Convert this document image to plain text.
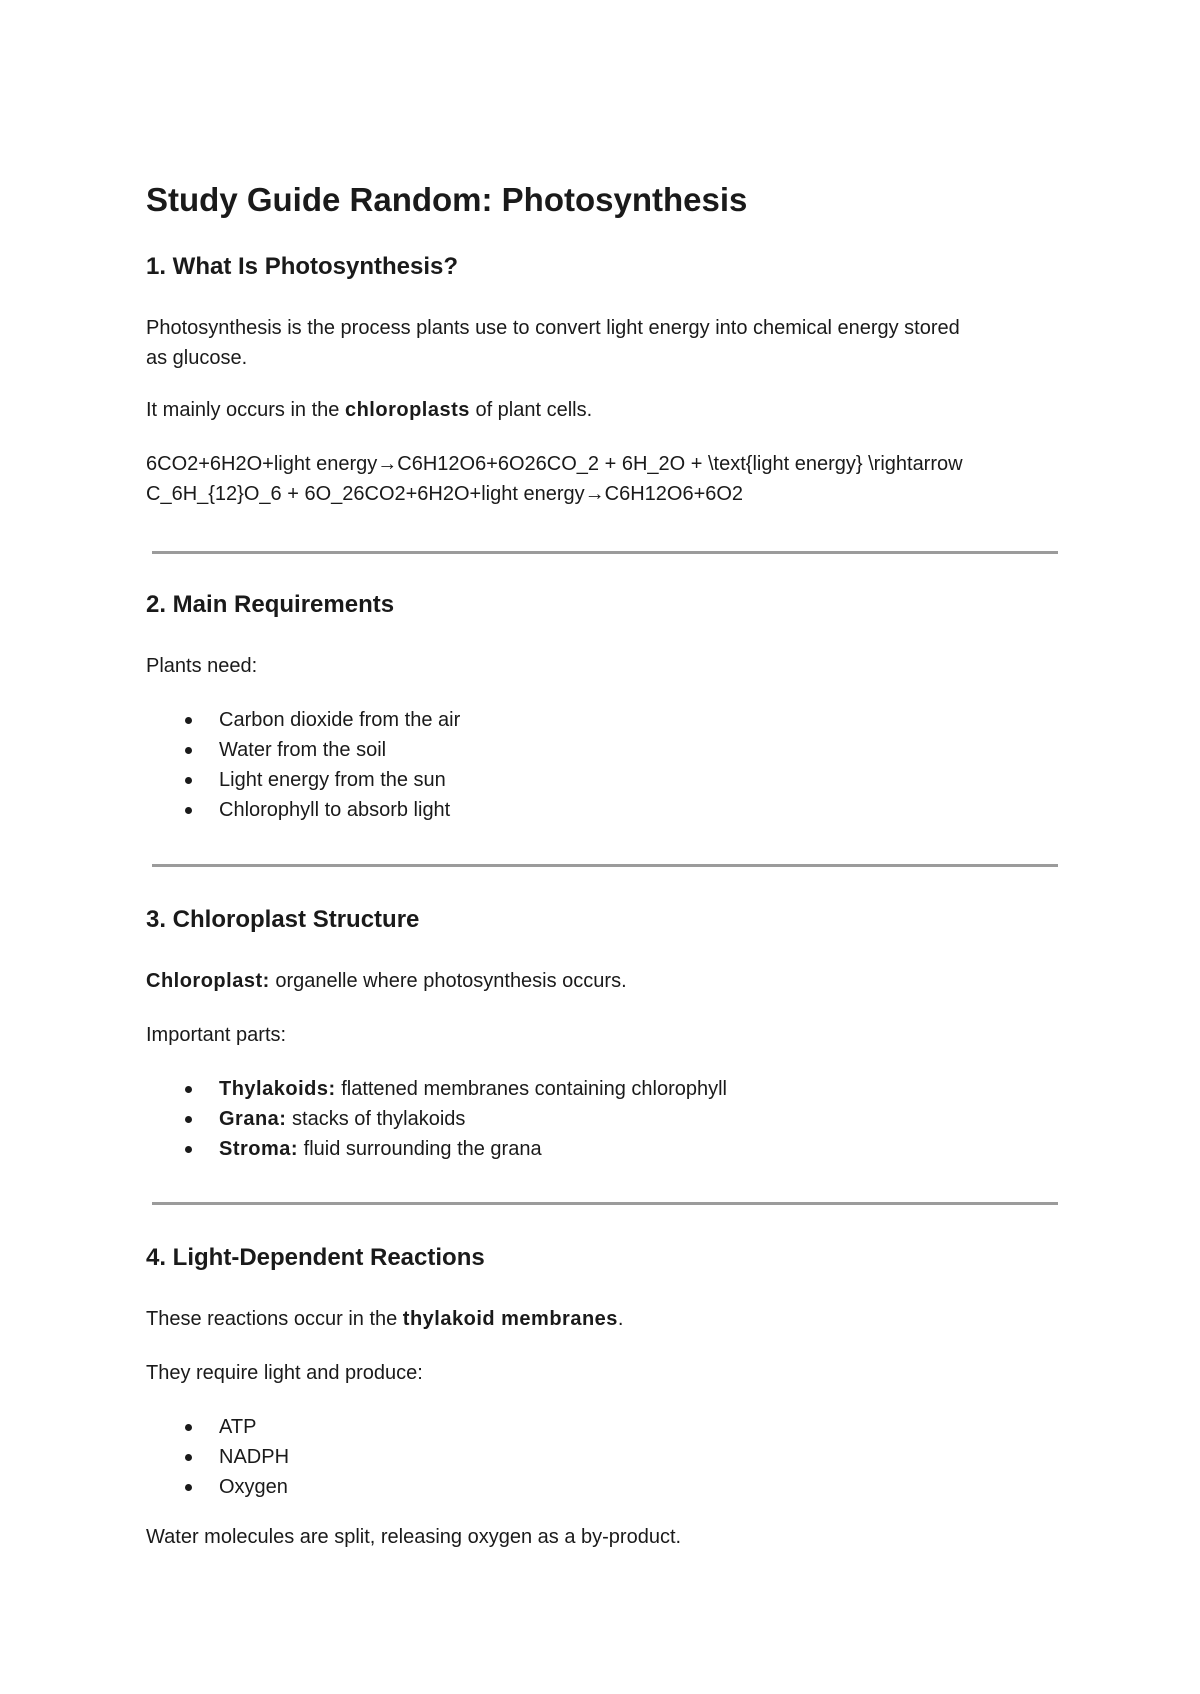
Study Guide Random: Photosynthesis
1. What Is Photosynthesis?

Photosynthesis is the process plants use to convert light energy into chemical energy stored

as glucose.

It mainly occurs in the chloroplasts of plant cells.

6CO2+6H2O+light energy→C6H12O6+6O26CO_2 + 6H_2O + \text{light energy} \rightarrow

C_6H_{12}O_6 + 6O_26CO2+6H2O+light energy→C6H12O6+6O2

2. Main Requirements

Plants need:

Carbon dioxide from the air
Water from the soil
Light energy from the sun
Chlorophyll to absorb light
3. Chloroplast Structure

Chloroplast: organelle where photosynthesis occurs.

Important parts:

Thylakoids: flattened membranes containing chlorophyll
Grana: stacks of thylakoids
Stroma: fluid surrounding the grana
4. Light-Dependent Reactions

These reactions occur in the thylakoid membranes.

They require light and produce:

ATP
NADPH
Oxygen

Water molecules are split, releasing oxygen as a by-product.
